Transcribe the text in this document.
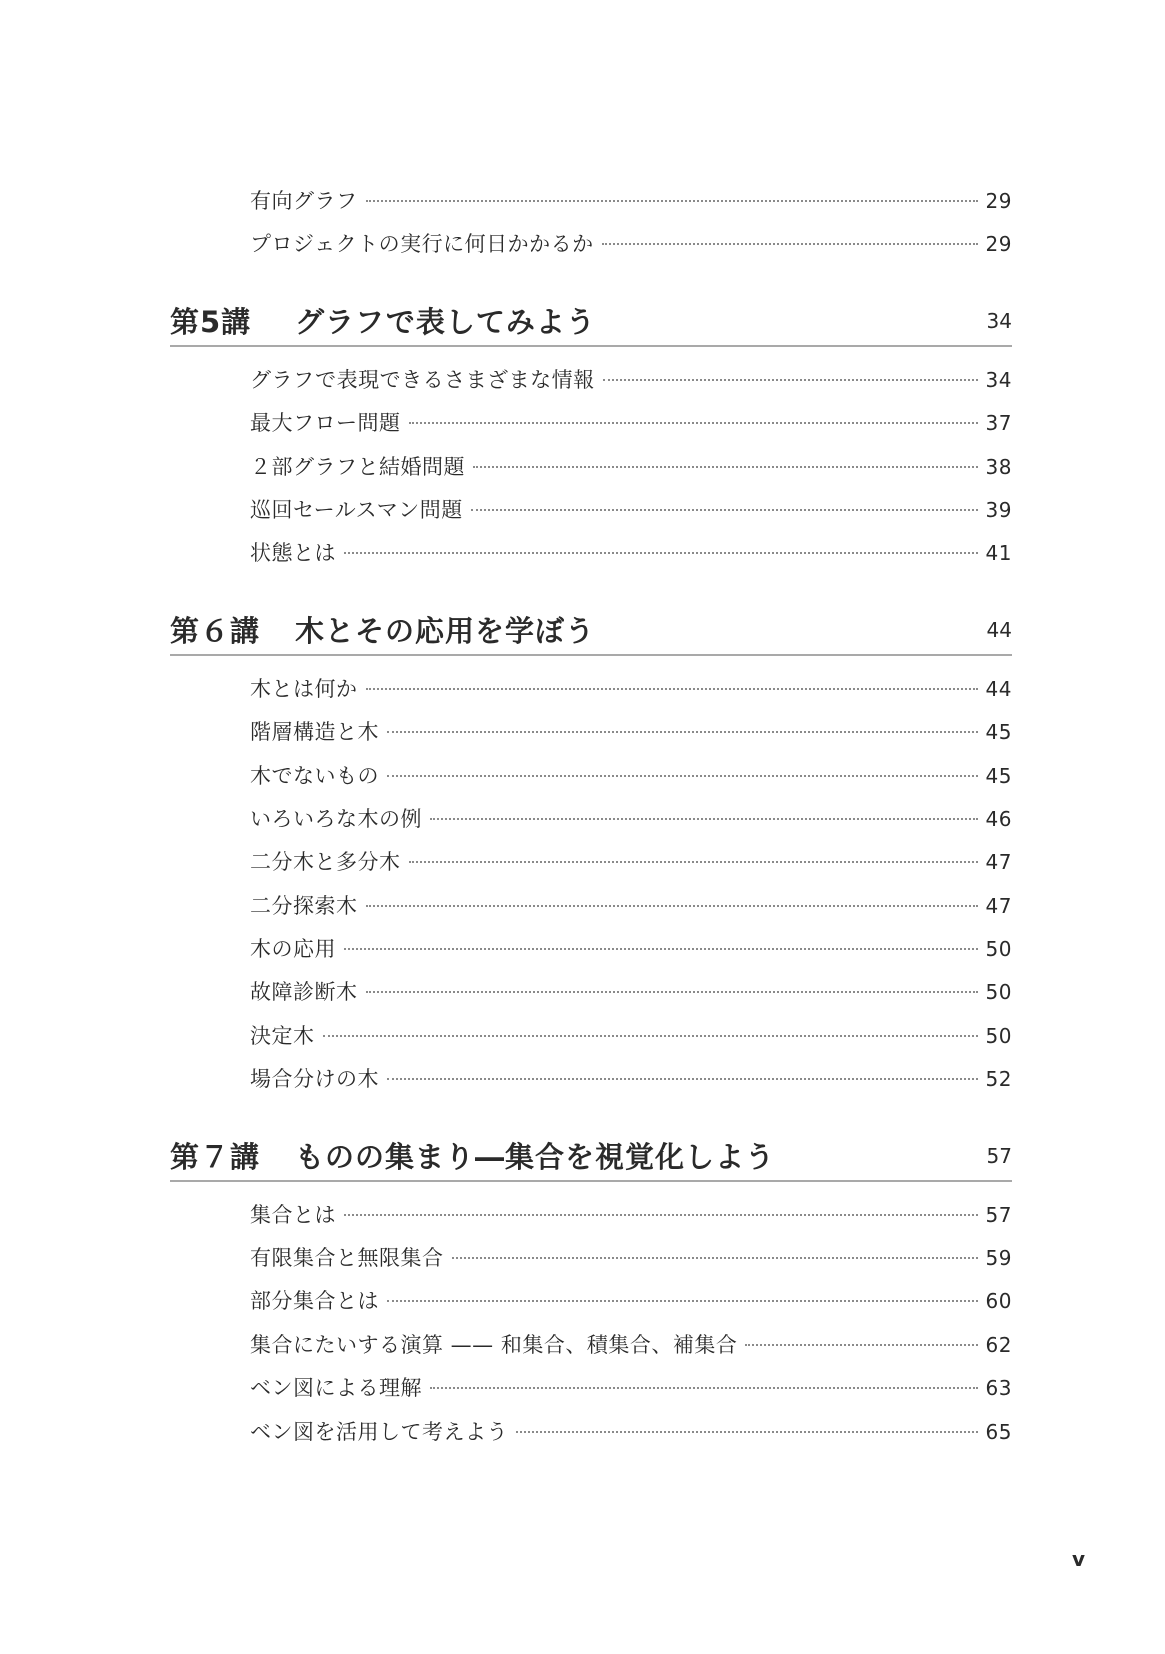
有向グラフ	29
プロジェクトの実行に何日かかるか	29
第5講	グラフで表してみよう	34
グラフで表現できるさまざまな情報	34
最大フロー問題	37
２部グラフと結婚問題	38
巡回セールスマン問題	39
状態とは	41
第６講	木とその応用を学ぼう	44
木とは何か	44
階層構造と木	45
木でないもの	45
いろいろな木の例	46
二分木と多分木	47
二分探索木	47
木の応用	50
故障診断木	50
決定木	50
場合分けの木	52
第７講	ものの集まり―集合を視覚化しよう	57
集合とは	57
有限集合と無限集合	59
部分集合とは	60
集合にたいする演算 —— 和集合、積集合、補集合	62
ベン図による理解	63
ベン図を活用して考えよう	65
v
